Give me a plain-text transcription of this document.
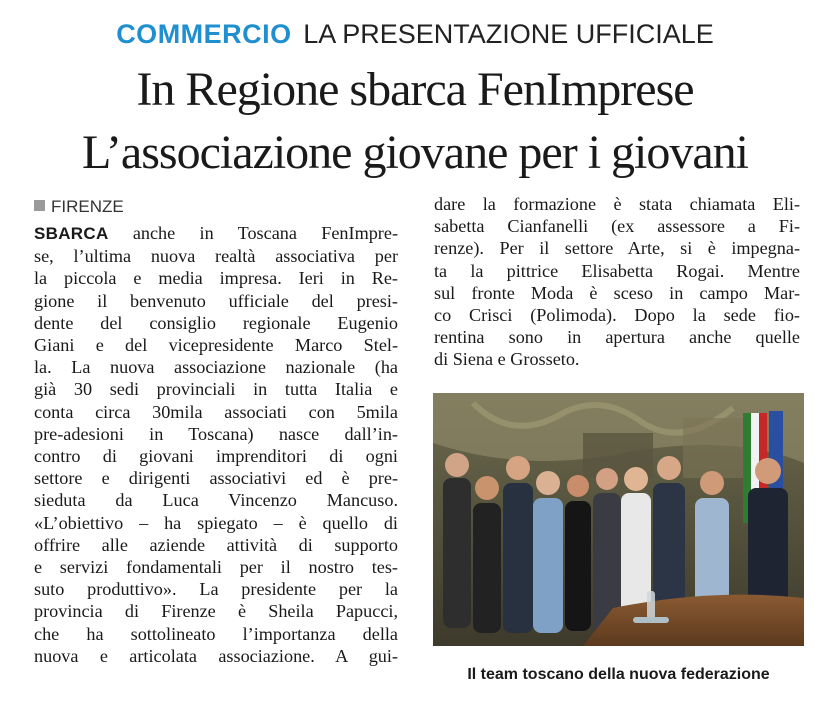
COMMERCIO LA PRESENTAZIONE UFFICIALE
In Regione sbarca FenImprese
L’associazione giovane per i giovani
FIRENZE
SBARCA anche in Toscana FenImpre-
se, l’ultima nuova realtà associativa per
la piccola e media impresa. Ieri in Re-
gione il benvenuto ufficiale del presi-
dente del consiglio regionale Eugenio
Giani e del vicepresidente Marco Stel-
la. La nuova associazione nazionale (ha
già 30 sedi provinciali in tutta Italia e
conta circa 30mila associati con 5mila
pre-adesioni in Toscana) nasce dall’in-
contro di giovani imprenditori di ogni
settore e dirigenti associativi ed è pre-
sieduta da Luca Vincenzo Mancuso.
«L’obiettivo – ha spiegato – è quello di
offrire alle aziende attività di supporto
e servizi fondamentali per il nostro tes-
suto produttivo». La presidente per la
provincia di Firenze è Sheila Papucci,
che ha sottolineato l’importanza della
nuova e articolata associazione. A gui-
dare la formazione è stata chiamata Eli-
sabetta Cianfanelli (ex assessore a Fi-
renze). Per il settore Arte, si è impegna-
ta la pittrice Elisabetta Rogai. Mentre
sul fronte Moda è sceso in campo Mar-
co Crisci (Polimoda). Dopo la sede fio-
rentina sono in apertura anche quelle
di Siena e Grosseto.
Il team toscano della nuova federazione
